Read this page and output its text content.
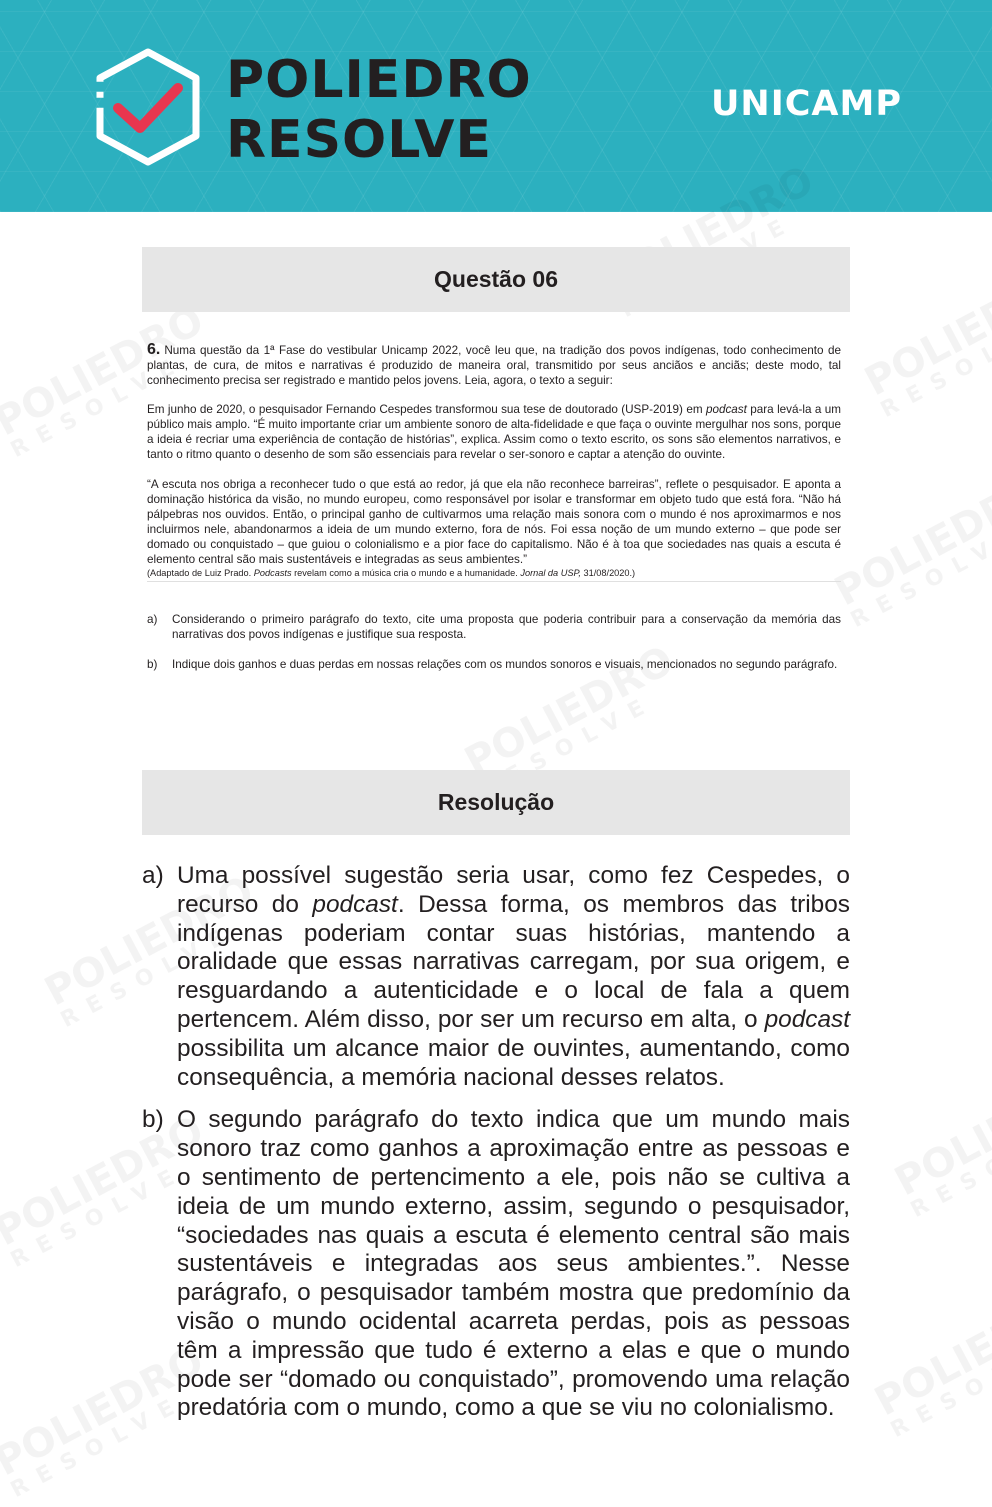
POLIEDRO
RESOLVE
UNICAMP
Questão 06

6. Numa questão da 1ª Fase do vestibular Unicamp 2022, você leu que, na tradição dos povos indígenas, todo conhecimento de plantas, de cura, de mitos e narrativas é produzido de maneira oral, transmitido por seus anciãos e anciãs; deste modo, tal conhecimento precisa ser registrado e mantido pelos jovens. Leia, agora, o texto a seguir:

Em junho de 2020, o pesquisador Fernando Cespedes transformou sua tese de doutorado (USP-2019) em podcast para levá-la a um público mais amplo. “É muito importante criar um ambiente sonoro de alta-fidelidade e que faça o ouvinte mergulhar nos sons, porque a ideia é recriar uma experiência de contação de histórias”, explica. Assim como o texto escrito, os sons são elementos narrativos, e tanto o ritmo quanto o desenho de som são essenciais para revelar o ser-sonoro e captar a atenção do ouvinte.

“A escuta nos obriga a reconhecer tudo o que está ao redor, já que ela não reconhece barreiras”, reflete o pesquisador. E aponta a dominação histórica da visão, no mundo europeu, como responsável por isolar e transformar em objeto tudo que está fora. “Não há pálpebras nos ouvidos. Então, o principal ganho de cultivarmos uma relação mais sonora com o mundo é nos aproximarmos e nos incluirmos nele, abandonarmos a ideia de um mundo externo, fora de nós. Foi essa noção de um mundo externo – que pode ser domado ou conquistado – que guiou o colonialismo e a pior face do capitalismo. Não é à toa que sociedades nas quais a escuta é elemento central são mais sustentáveis e integradas as seus ambientes.”

(Adaptado de Luiz Prado. Podcasts revelam como a música cria o mundo e a humanidade. Jornal da USP, 31/08/2020.)

a)	Considerando o primeiro parágrafo do texto, cite uma proposta que poderia contribuir para a conservação da memória das narrativas dos povos indígenas e justifique sua resposta.
b)	Indique dois ganhos e duas perdas em nossas relações com os mundos sonoros e visuais, mencionados no segundo parágrafo.
Resolução
a) Uma possível sugestão seria usar, como fez Cespedes, o recurso do podcast. Dessa forma, os membros das tribos indígenas poderiam contar suas histórias, mantendo a oralidade que essas narrativas carregam, por sua origem, e resguardando a autenticidade e o local de fala a quem pertencem. Além disso, por ser um recurso em alta, o podcast possibilita um alcance maior de ouvintes, aumentando, como consequência, a memória nacional desses relatos.

b) O segundo parágrafo do texto indica que um mundo mais sonoro traz como ganhos a aproximação entre as pessoas e o sentimento de pertencimento a ele, pois não se cultiva a ideia de um mundo externo, assim, segundo o pesquisador, “sociedades nas quais a escuta é elemento central são mais sustentáveis e integradas aos seus ambientes.”. Nesse parágrafo, o pesquisador também mostra que predomínio da visão o mundo ocidental acarreta perdas, pois as pessoas têm a impressão que tudo é externo a elas e que o mundo pode ser “domado ou conquistado”, promovendo uma relação predatória com o mundo, como a que se viu no colonialismo.
